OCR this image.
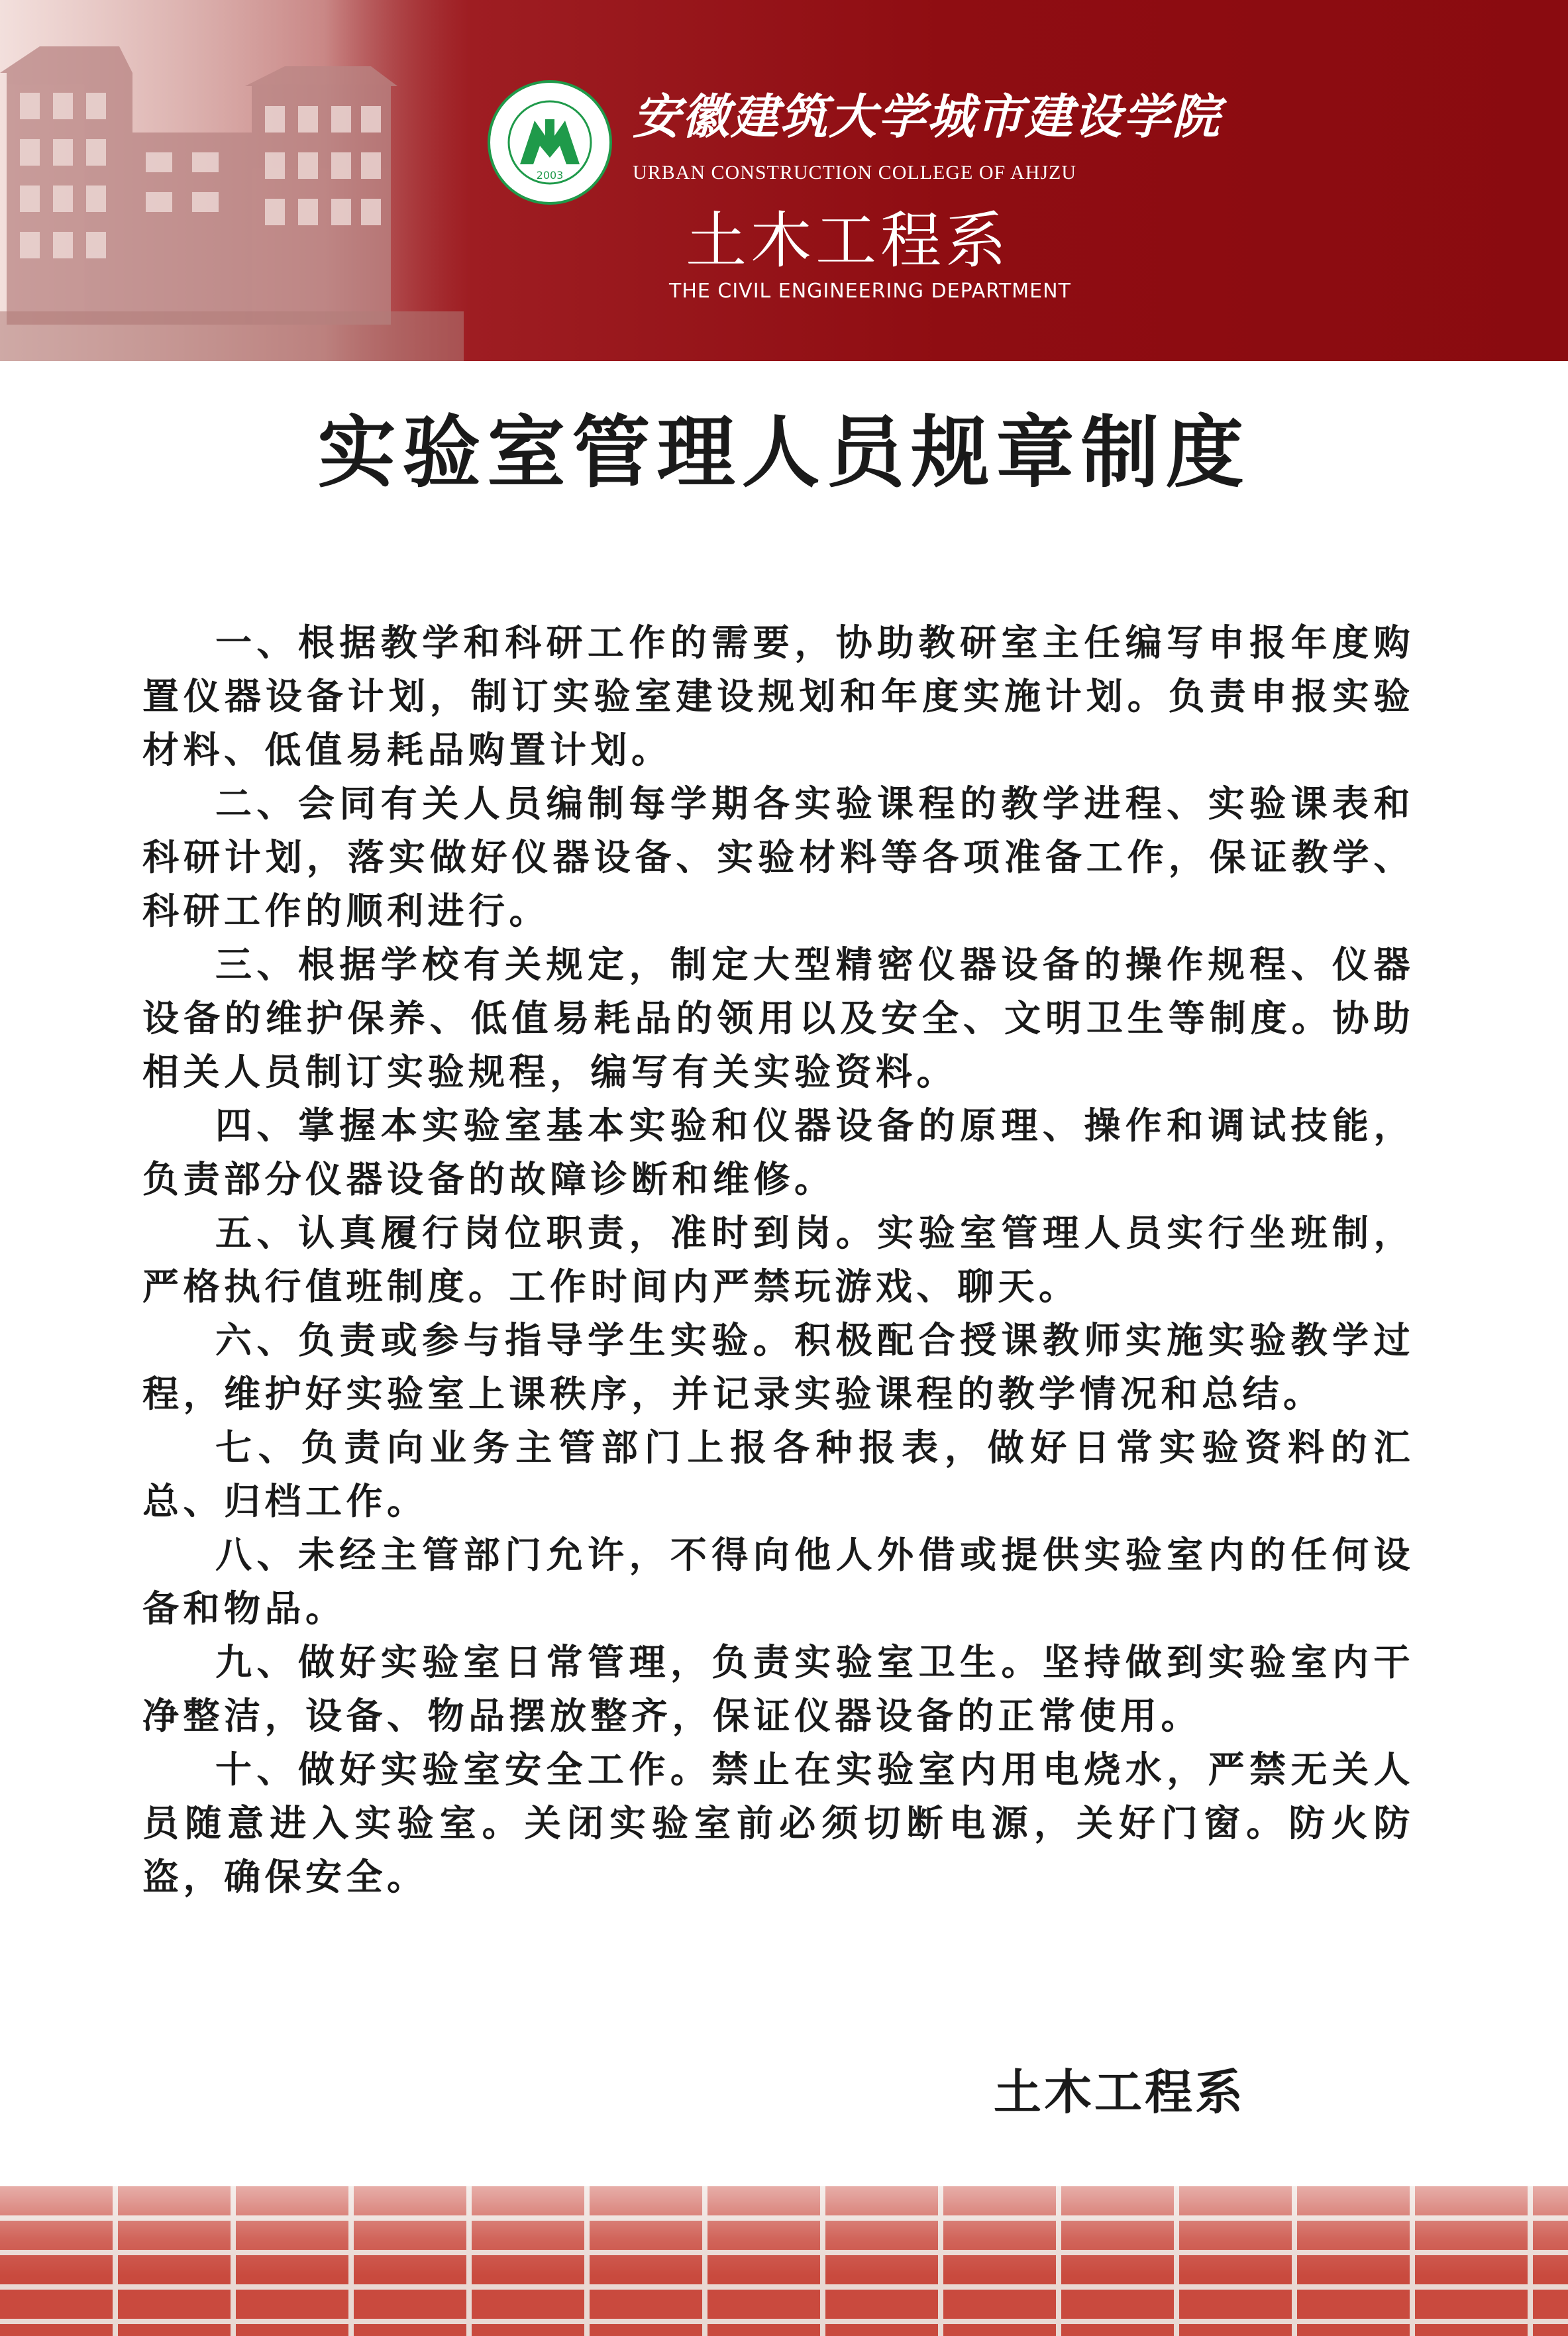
2003
安徽建筑大学城市建设学院
URBAN CONSTRUCTION COLLEGE OF AHJZU
土木工程系
THE CIVIL ENGINEERING DEPARTMENT
实验室管理人员规章制度

一、根据教学和科研工作的需要，协助教研室主任编写申报年度购置仪器设备计划，制订实验室建设规划和年度实施计划。负责申报实验材料、低值易耗品购置计划。

二、会同有关人员编制每学期各实验课程的教学进程、实验课表和科研计划，落实做好仪器设备、实验材料等各项准备工作，保证教学、科研工作的顺利进行。

三、根据学校有关规定，制定大型精密仪器设备的操作规程、仪器设备的维护保养、低值易耗品的领用以及安全、文明卫生等制度。协助相关人员制订实验规程，编写有关实验资料。

四、掌握本实验室基本实验和仪器设备的原理、操作和调试技能，负责部分仪器设备的故障诊断和维修。

五、认真履行岗位职责，准时到岗。实验室管理人员实行坐班制，严格执行值班制度。工作时间内严禁玩游戏、聊天。

六、负责或参与指导学生实验。积极配合授课教师实施实验教学过程，维护好实验室上课秩序，并记录实验课程的教学情况和总结。

七、负责向业务主管部门上报各种报表，做好日常实验资料的汇总、归档工作。

八、未经主管部门允许，不得向他人外借或提供实验室内的任何设备和物品。

九、做好实验室日常管理，负责实验室卫生。坚持做到实验室内干净整洁，设备、物品摆放整齐，保证仪器设备的正常使用。

十、做好实验室安全工作。禁止在实验室内用电烧水，严禁无关人员随意进入实验室。关闭实验室前必须切断电源，关好门窗。防火防盗，确保安全。

土木工程系
